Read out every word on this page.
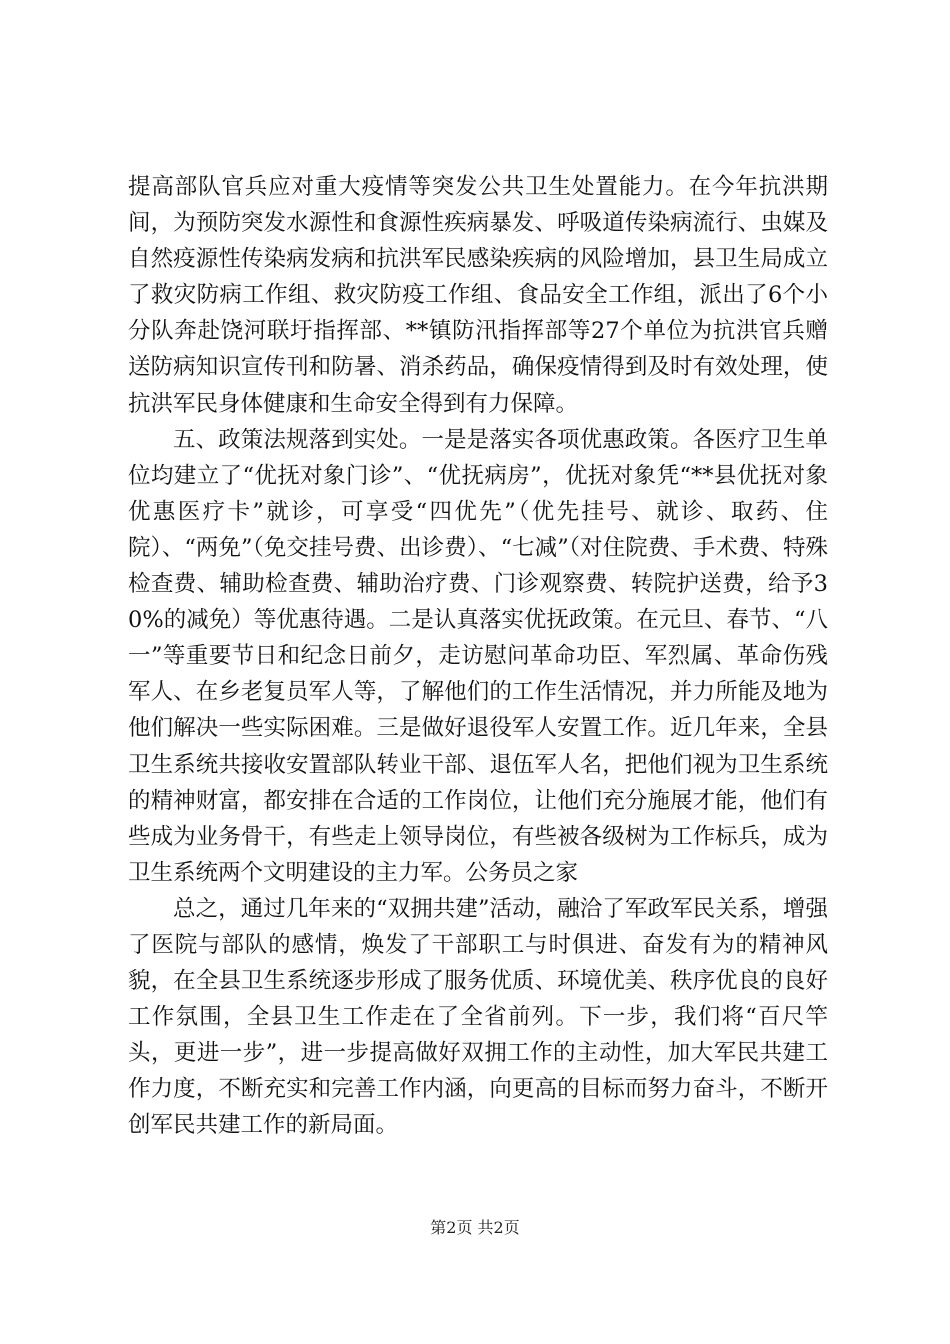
提高部队官兵应对重大疫情等突发公共卫生处置能力。在今年抗洪期间，为预防突发水源性和食源性疾病暴发、呼吸道传染病流行、虫媒及自然疫源性传染病发病和抗洪军民感染疾病的风险增加，县卫生局成立了救灾防病工作组、救灾防疫工作组、食品安全工作组，派出了6个小分队奔赴饶河联圩指挥部、**镇防汛指挥部等27个单位为抗洪官兵赠送防病知识宣传刊和防暑、消杀药品，确保疫情得到及时有效处理，使抗洪军民身体健康和生命安全得到有力保障。

五、政策法规落到实处。一是是落实各项优惠政策。各医疗卫生单位均建立了“优抚对象门诊”、“优抚病房”，优抚对象凭“**县优抚对象优惠医疗卡”就诊，可享受“四优先”（优先挂号、就诊、取药、住院）、“两免”（免交挂号费、出诊费）、“七减”（对住院费、手术费、特殊检查费、辅助检查费、辅助治疗费、门诊观察费、转院护送费，给予30%的减免）等优惠待遇。二是认真落实优抚政策。在元旦、春节、“八一”等重要节日和纪念日前夕，走访慰问革命功臣、军烈属、革命伤残军人、在乡老复员军人等，了解他们的工作生活情况，并力所能及地为他们解决一些实际困难。三是做好退役军人安置工作。近几年来，全县卫生系统共接收安置部队转业干部、退伍军人名，把他们视为卫生系统的精神财富，都安排在合适的工作岗位，让他们充分施展才能，他们有些成为业务骨干，有些走上领导岗位，有些被各级树为工作标兵，成为卫生系统两个文明建设的主力军。公务员之家

总之，通过几年来的“双拥共建”活动，融洽了军政军民关系，增强了医院与部队的感情，焕发了干部职工与时俱进、奋发有为的精神风貌，在全县卫生系统逐步形成了服务优质、环境优美、秩序优良的良好工作氛围，全县卫生工作走在了全省前列。下一步，我们将“百尺竿头，更进一步”，进一步提高做好双拥工作的主动性，加大军民共建工作力度，不断充实和完善工作内涵，向更高的目标而努力奋斗，不断开创军民共建工作的新局面。

第2页 共2页
